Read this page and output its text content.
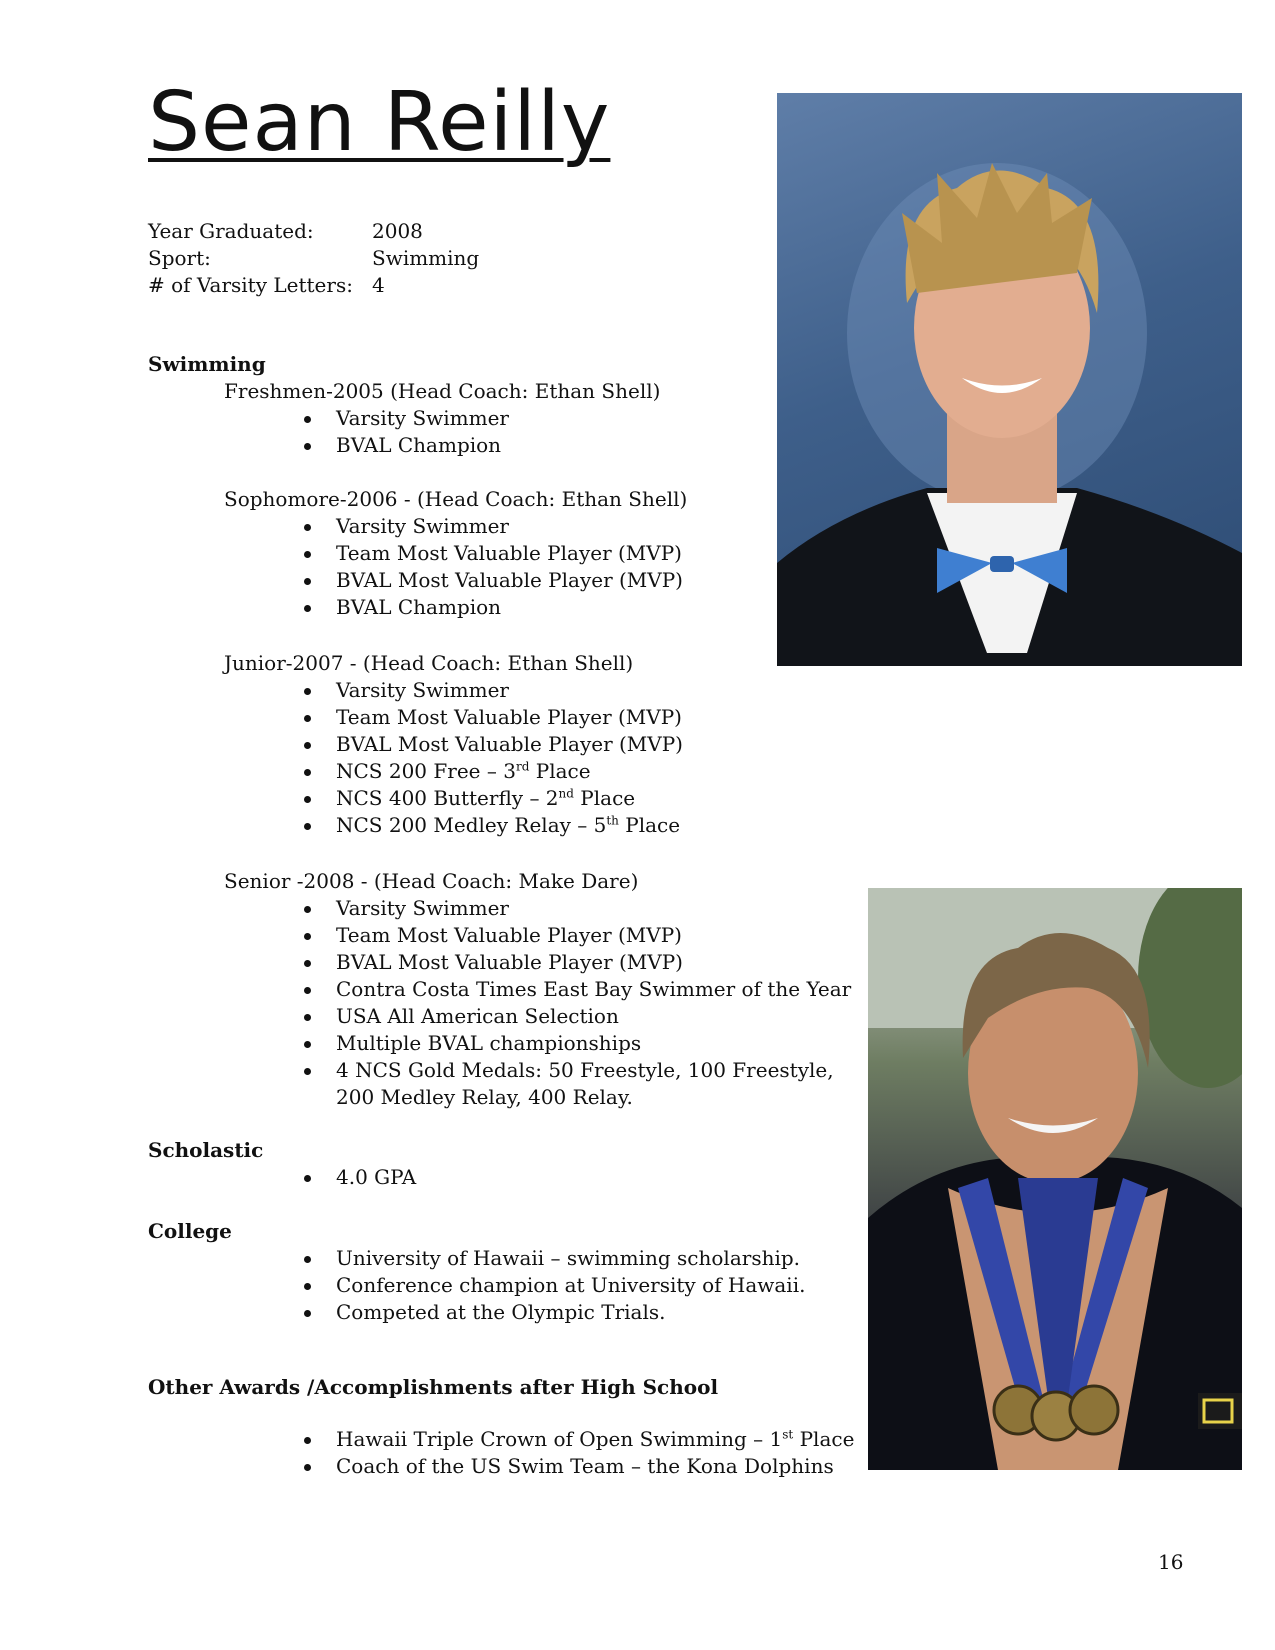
Sean Reilly
Year Graduated:	2008
Sport:	Swimming
# of Varsity Letters: 4
Swimming
Freshmen-2005 (Head Coach: Ethan Shell)
Varsity Swimmer
BVAL Champion
Sophomore-2006 - (Head Coach: Ethan Shell)
Varsity Swimmer
Team Most Valuable Player (MVP)
BVAL Most Valuable Player (MVP)
BVAL Champion
Junior-2007 - (Head Coach: Ethan Shell)
Varsity Swimmer
Team Most Valuable Player (MVP)
BVAL Most Valuable Player (MVP)
NCS 200 Free – 3rd Place
NCS 400 Butterfly – 2nd Place
NCS 200 Medley Relay – 5th Place
Senior -2008 - (Head Coach: Make Dare)
Varsity Swimmer
Team Most Valuable Player (MVP)
BVAL Most Valuable Player (MVP)
Contra Costa Times East Bay Swimmer of the Year
USA All American Selection
Multiple BVAL championships
4 NCS Gold Medals: 50 Freestyle, 100 Freestyle,
200 Medley Relay, 400 Relay.
Scholastic
4.0 GPA
College
University of Hawaii – swimming scholarship.
Conference champion at University of Hawaii.
Competed at the Olympic Trials.
Other Awards /Accomplishments after High School
Hawaii Triple Crown of Open Swimming – 1st Place
Coach of the US Swim Team – the Kona Dolphins
16
